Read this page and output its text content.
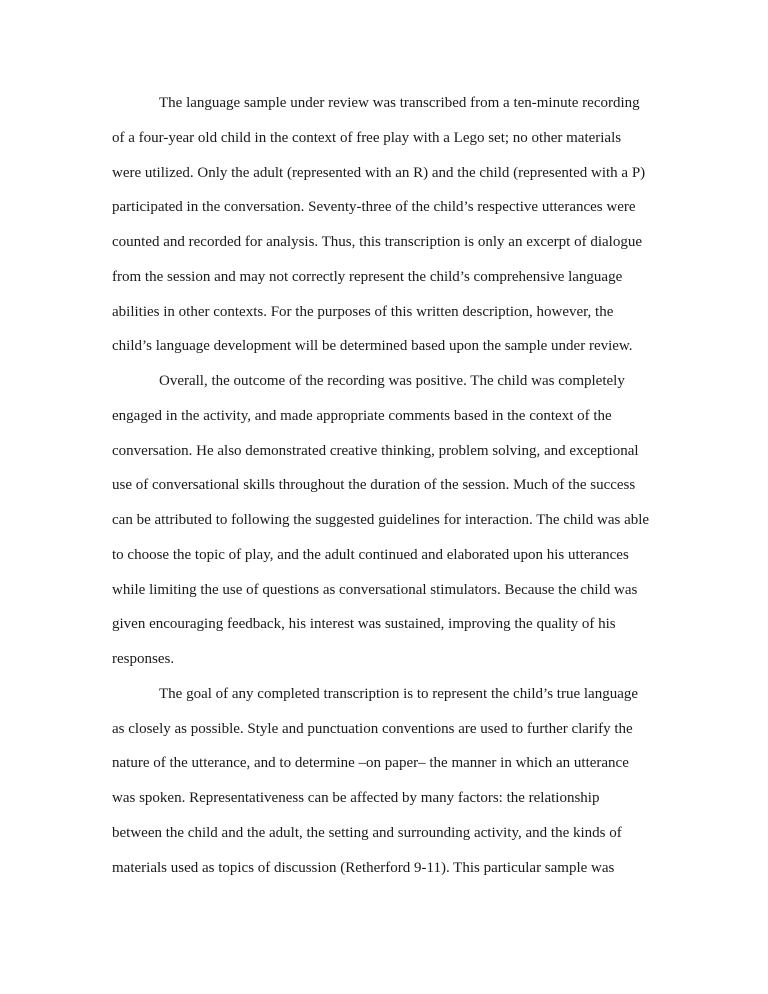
The language sample under review was transcribed from a ten-minute recording
of a four-year old child in the context of free play with a Lego set; no other materials
were utilized. Only the adult (represented with an R) and the child (represented with a P)
participated in the conversation. Seventy-three of the child’s respective utterances were
counted and recorded for analysis. Thus, this transcription is only an excerpt of dialogue
from the session and may not correctly represent the child’s comprehensive language
abilities in other contexts. For the purposes of this written description, however, the
child’s language development will be determined based upon the sample under review.
Overall, the outcome of the recording was positive. The child was completely
engaged in the activity, and made appropriate comments based in the context of the
conversation. He also demonstrated creative thinking, problem solving, and exceptional
use of conversational skills throughout the duration of the session. Much of the success
can be attributed to following the suggested guidelines for interaction. The child was able
to choose the topic of play, and the adult continued and elaborated upon his utterances
while limiting the use of questions as conversational stimulators. Because the child was
given encouraging feedback, his interest was sustained, improving the quality of his
responses.
The goal of any completed transcription is to represent the child’s true language
as closely as possible. Style and punctuation conventions are used to further clarify the
nature of the utterance, and to determine –on paper– the manner in which an utterance
was spoken. Representativeness can be affected by many factors: the relationship
between the child and the adult, the setting and surrounding activity, and the kinds of
materials used as topics of discussion (Retherford 9-11). This particular sample was
